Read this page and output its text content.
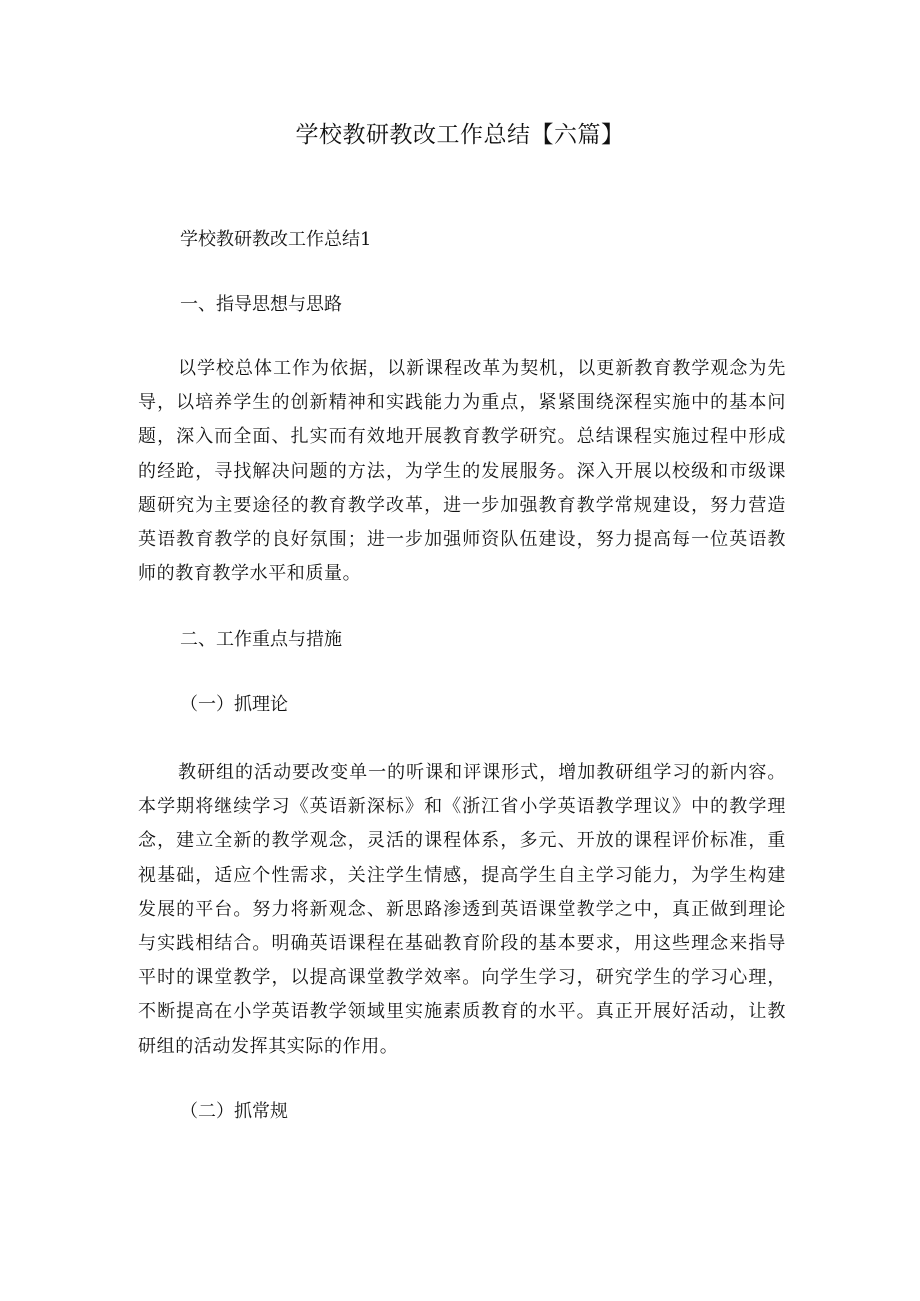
学校教研教改工作总结【六篇】

学校教研教改工作总结1

一、指导思想与思路

以学校总体工作为依据，以新课程改革为契机，以更新教育教学观念为先导，以培养学生的创新精神和实践能力为重点，紧紧围绕深程实施中的基本问题，深入而全面、扎实而有效地开展教育教学研究。总结课程实施过程中形成的经跄，寻找解决问题的方法，为学生的发展服务。深入开展以校级和市级课题研究为主要途径的教育教学改革，进一步加强教育教学常规建设，努力营造英语教育教学的良好氛围；进一步加强师资队伍建设，努力提高每一位英语教师的教育教学水平和质量。

二、工作重点与措施

（一）抓理论

教研组的活动要改变单一的听课和评课形式，增加教研组学习的新内容。本学期将继续学习《英语新深标》和《浙江省小学英语教学理议》中的教学理念，建立全新的教学观念，灵活的课程体系，多元、开放的课程评价标准，重视基础，适应个性需求，关注学生情感，提高学生自主学习能力，为学生构建发展的平台。努力将新观念、新思路渗透到英语课堂教学之中，真正做到理论与实践相结合。明确英语课程在基础教育阶段的基本要求，用这些理念来指导平时的课堂教学，以提高课堂教学效率。向学生学习，研究学生的学习心理，不断提高在小学英语教学领域里实施素质教育的水平。真正开展好活动，让教研组的活动发挥其实际的作用。

（二）抓常规
